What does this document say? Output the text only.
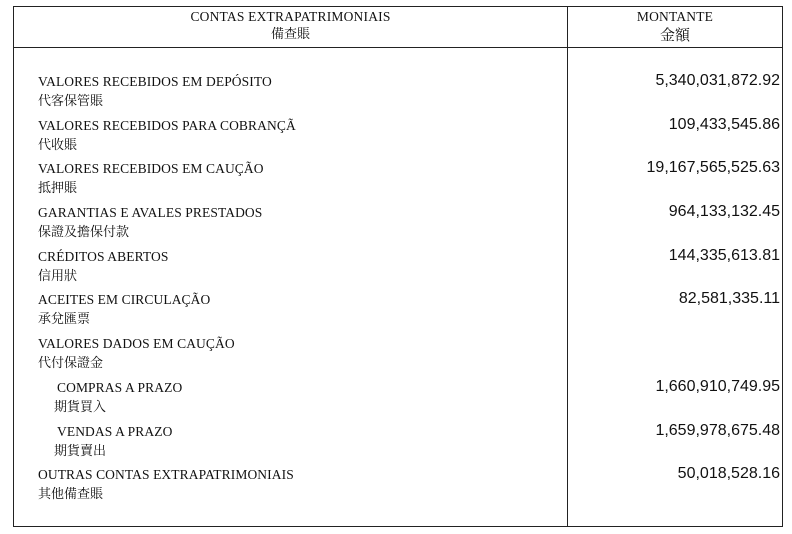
CONTAS EXTRAPATRIMONIAIS
備查賬
MONTANTE
金額
VALORES RECEBIDOS EM DEPÓSITO
代客保管賬
5,340,031,872.92
VALORES RECEBIDOS PARA COBRANÇÃ
代收賬
109,433,545.86
VALORES RECEBIDOS EM CAUÇÃO
抵押賬
19,167,565,525.63
GARANTIAS E AVALES PRESTADOS
保證及擔保付款
964,133,132.45
CRÉDITOS ABERTOS
信用狀
144,335,613.81
ACEITES EM CIRCULAÇÃO
承兌匯票
82,581,335.11
VALORES DADOS EM CAUÇÃO
代付保證金
COMPRAS A PRAZO
期貨買入
1,660,910,749.95
VENDAS A PRAZO
期貨賣出
1,659,978,675.48
OUTRAS CONTAS EXTRAPATRIMONIAIS
其他備查賬
50,018,528.16
